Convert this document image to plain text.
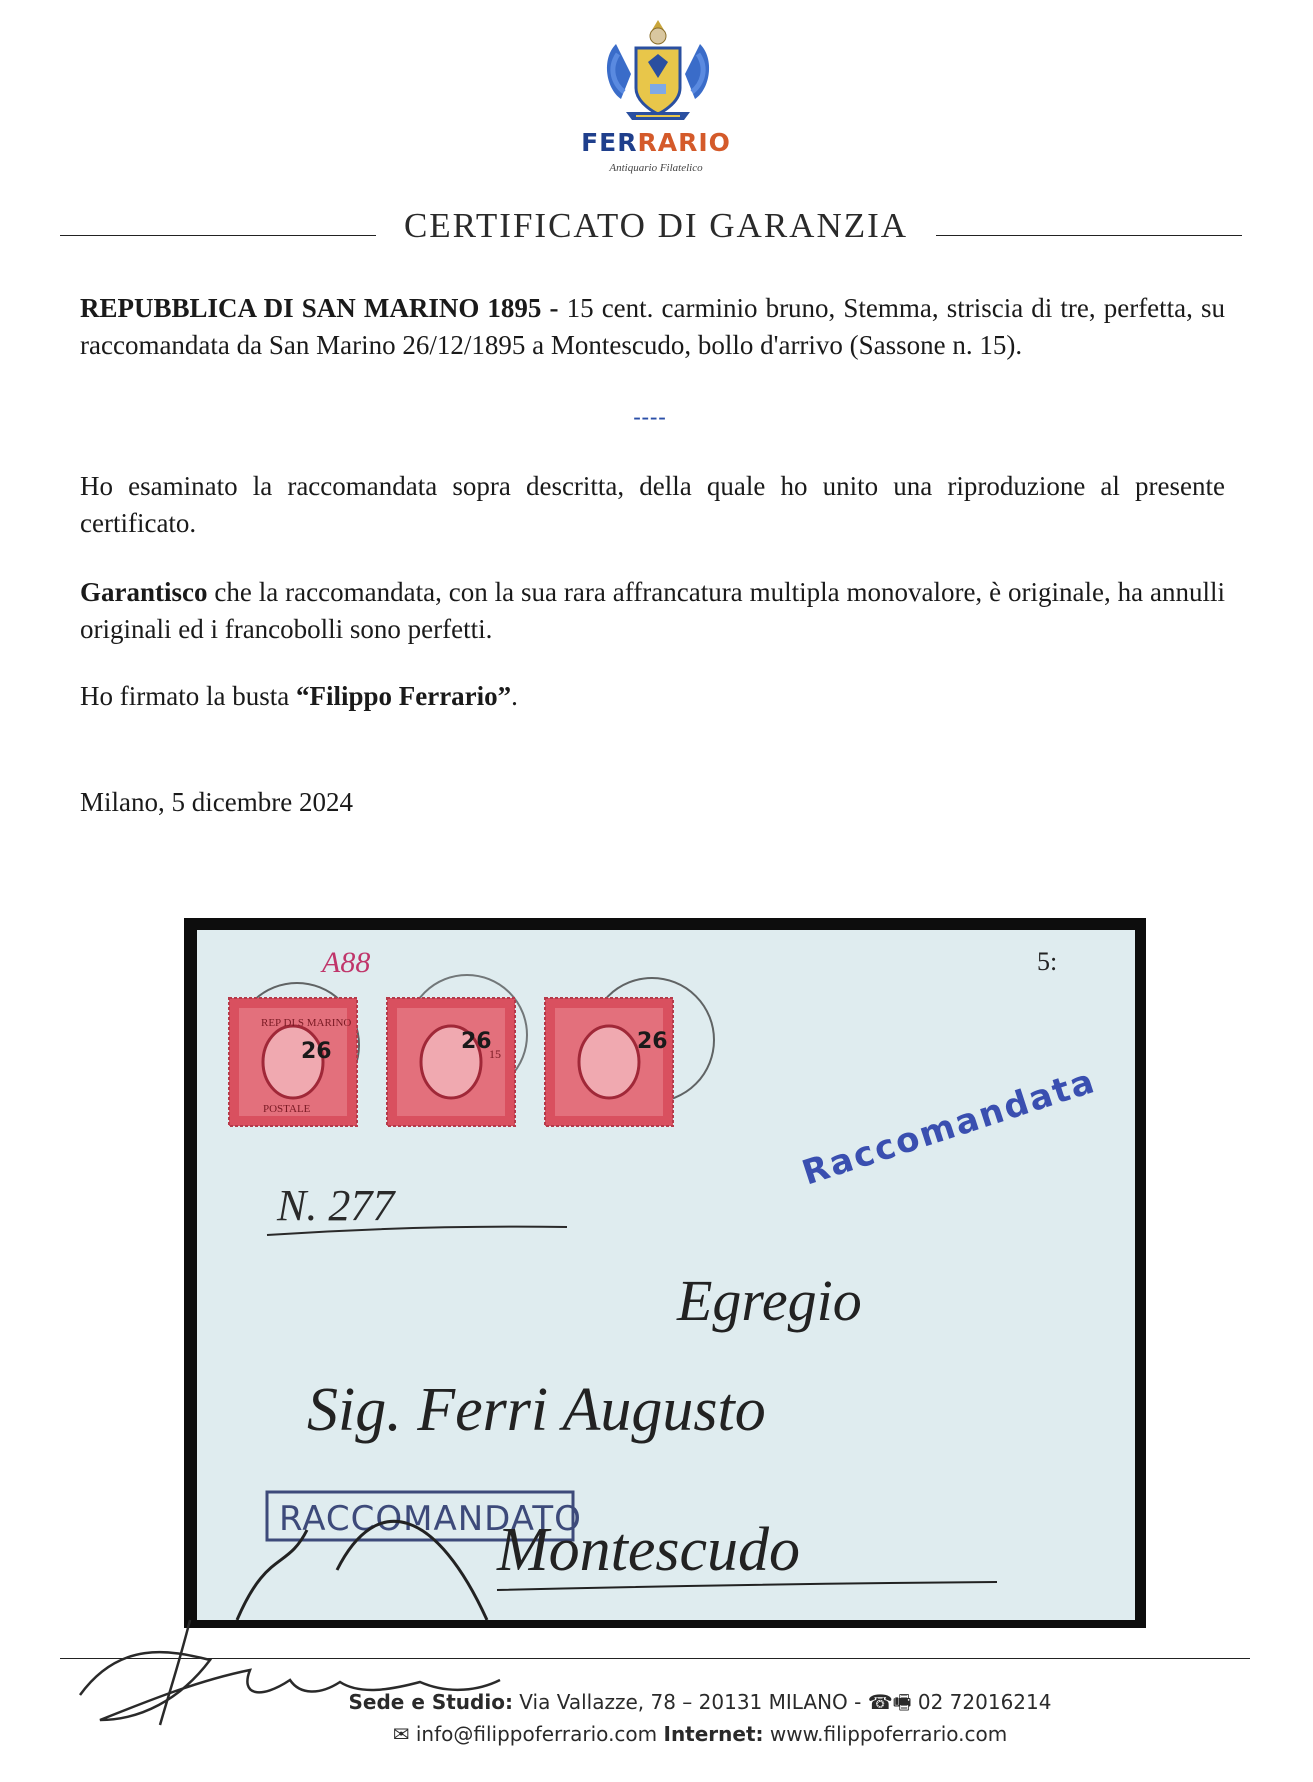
FERRARIO
Antiquario Filatelico
CERTIFICATO DI GARANZIA
REPUBBLICA DI SAN MARINO 1895 - 15 cent. carminio bruno, Stemma, striscia di tre, perfetta, su raccomandata da San Marino 26/12/1895 a Montescudo, bollo d'arrivo (Sassone n. 15).
----
Ho esaminato la raccomandata sopra descritta, della quale ho unito una riproduzione al presente certificato.
Garantisco che la raccomandata, con la sua rara affrancatura multipla monovalore, è originale, ha annulli originali ed i francobolli sono perfetti.
Ho firmato la busta “Filippo Ferrario”.
Milano, 5 dicembre 2024
A88	5:
REP DI S MARINO
POSTALE
26	15
26	26
Raccomandata
N. 277
Egregio
Sig. Ferri Augusto
RACCOMANDATO
Montescudo
Sede e Studio: Via Vallazze, 78 – 20131 MILANO - ☎🖷 02 72016214
✉ info@filippoferrario.com Internet: www.filippoferrario.com
